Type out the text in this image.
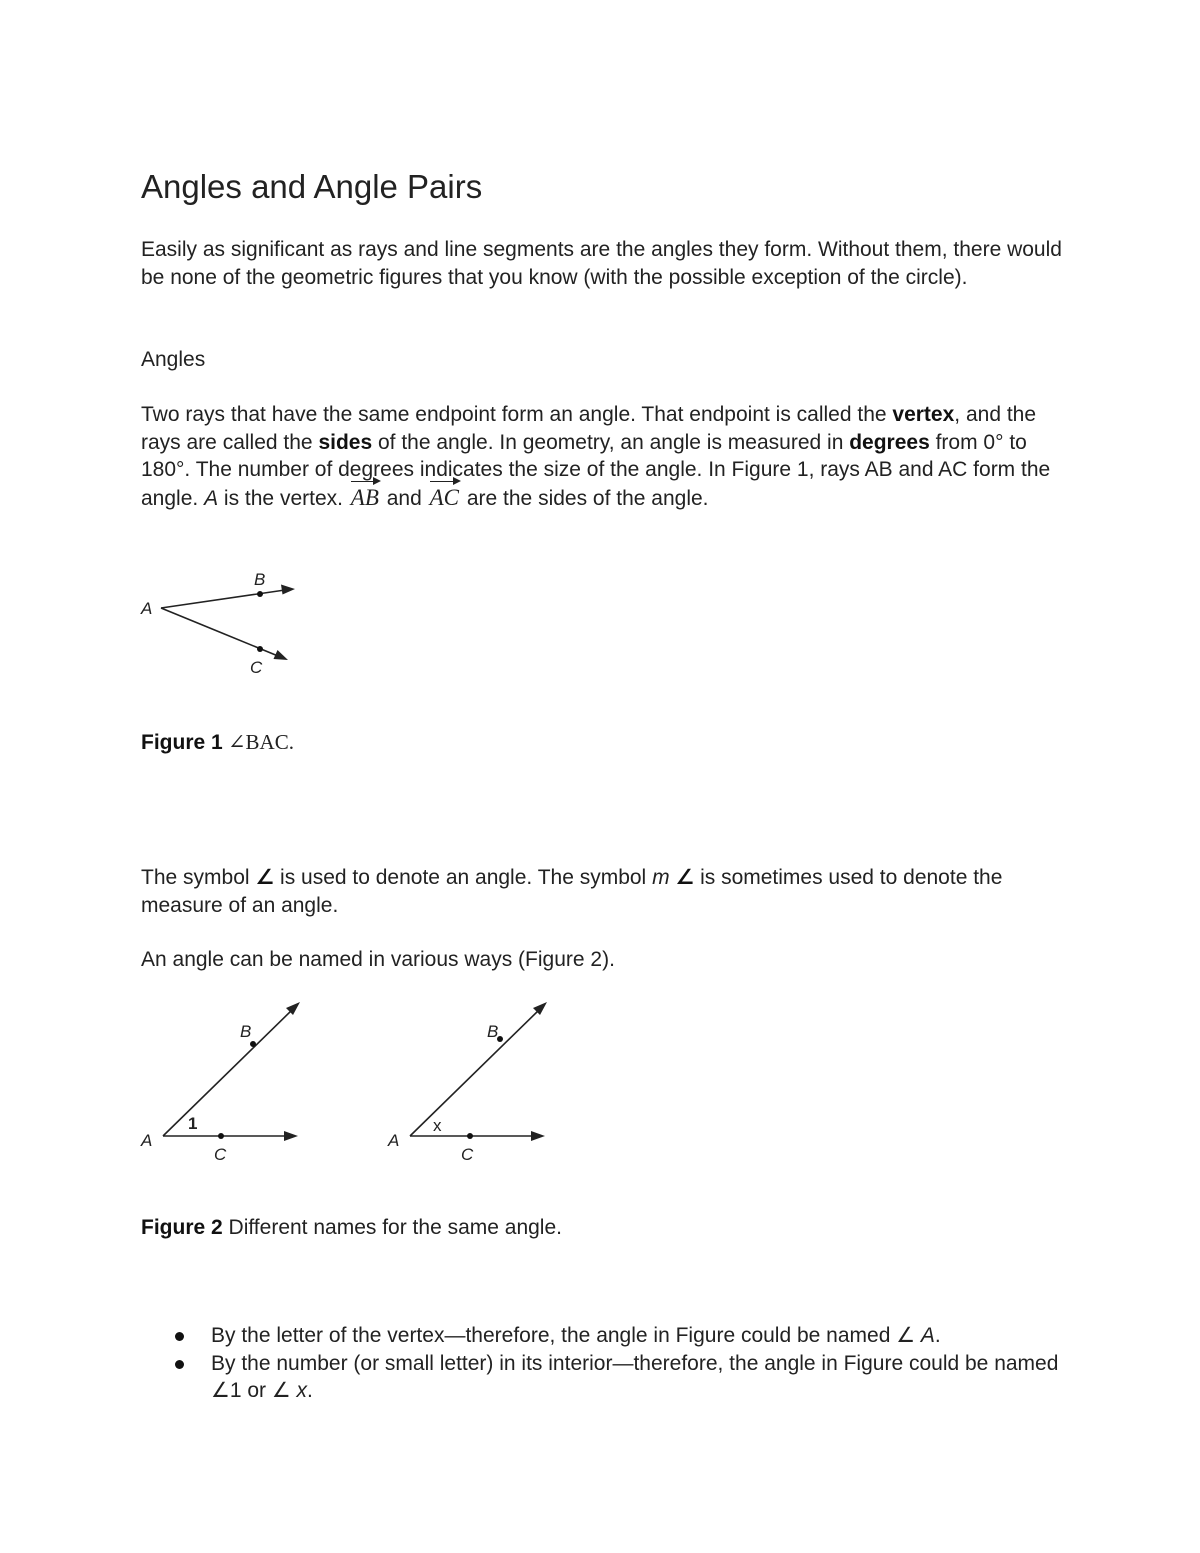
Angles and Angle Pairs

Easily as significant as rays and line segments are the angles they form. Without them, there would be none of the geometric figures that you know (with the possible exception of the circle).

Angles

Two rays that have the same endpoint form an angle. That endpoint is called the vertex, and the rays are called the sides of the angle. In geometry, an angle is measured in degrees from 0° to 180°. The number of degrees indicates the size of the angle. In Figure 1, rays AB and AC form the angle. A is the vertex. AB and AC are the sides of the angle.

A
B
C

Figure 1 ∠BAC.

The symbol ∠ is used to denote an angle. The symbol m ∠ is sometimes used to denote the measure of an angle.

An angle can be named in various ways (Figure 2).

A
B
C
1
A
B
C
x

Figure 2 Different names for the same angle.

By the letter of the vertex—therefore, the angle in Figure could be named ∠ A.
By the number (or small letter) in its interior—therefore, the angle in Figure could be named ∠1 or ∠ x.
